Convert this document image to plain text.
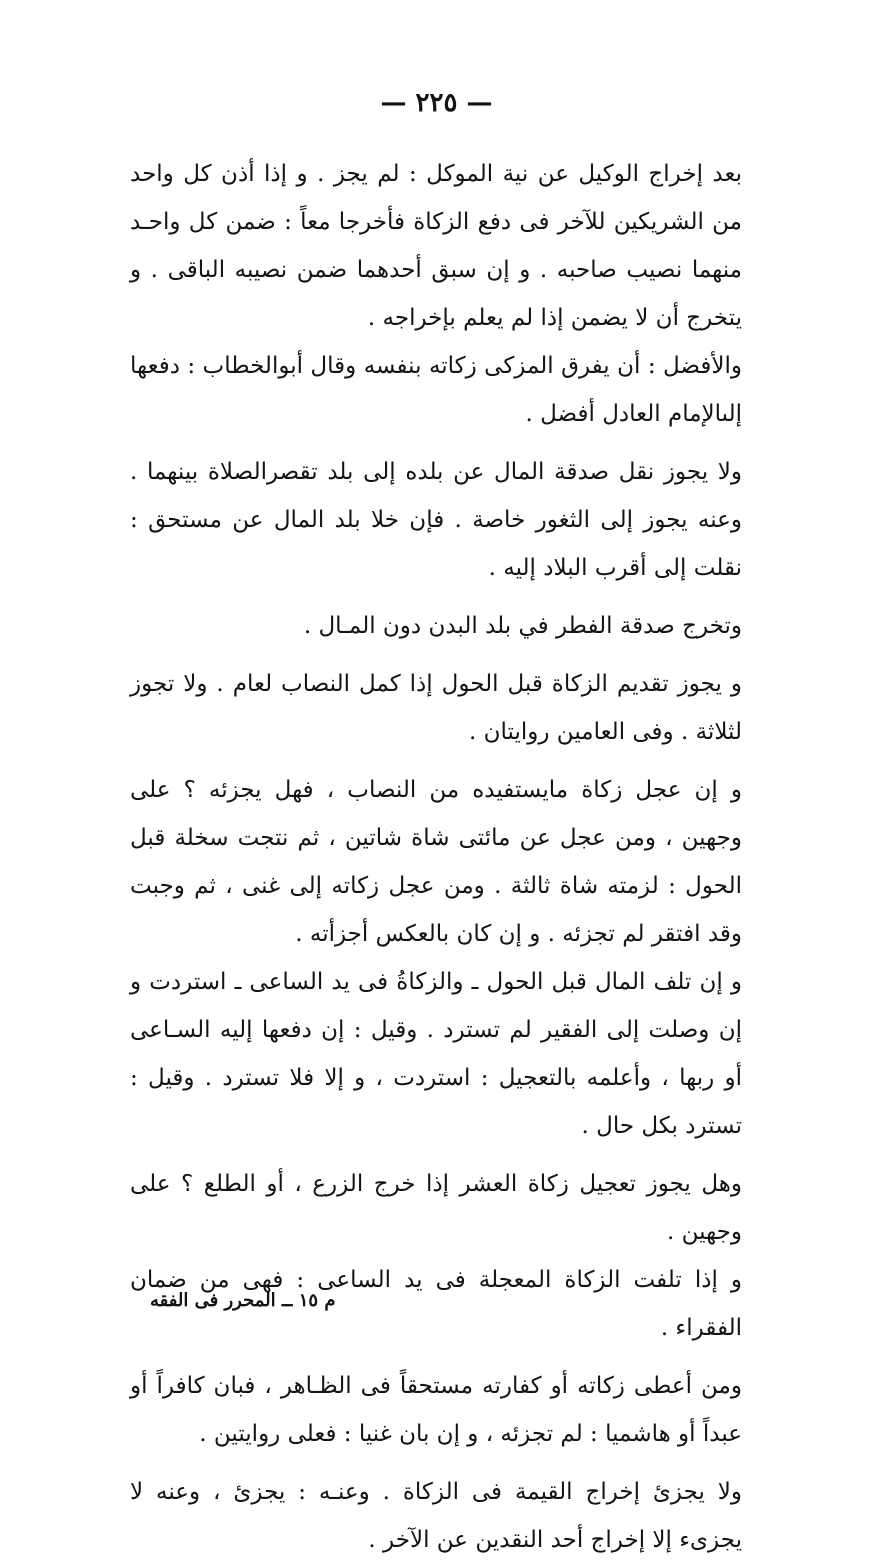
— ٢٢٥ —

بعد إخراج الوكيل عن نية الموكل : لم يجز . و إذا أذن كل واحد من الشريكين للآخر فى دفع الزكاة فأخرجا معاً : ضمن كل واحـد منهما نصيب صاحبه . و إن سبق أحدهما ضمن نصيبه الباقى . و يتخرج أن لا يضمن إذا لم يعلم بإخراجه .

والأفضل : أن يفرق المزكى زكاته بنفسه وقال أبوالخطاب : دفعها إلىالإمام العادل أفضل .

ولا يجوز نقل صدقة المال عن بلده إلى بلد تقصرالصلاة بينهما . وعنه يجوز إلى الثغور خاصة . فإن خلا بلد المال عن مستحق : نقلت إلى أقرب البلاد إليه .

وتخرج صدقة الفطر في بلد البدن دون المـال .

و يجوز تقديم الزكاة قبل الحول إذا كمل النصاب لعام . ولا تجوز لثلاثة . وفى العامين روايتان .

و إن عجل زكاة مايستفيده من النصاب ، فهل يجزئه ؟ على وجهين ، ومن عجل عن مائتى شاة شاتين ، ثم نتجت سخلة قبل الحول : لزمته شاة ثالثة . ومن عجل زكاته إلى غنى ، ثم وجبت وقد افتقر لم تجزئه . و إن كان بالعكس أجزأته .

و إن تلف المال قبل الحول ـ والزكاةُ فى يد الساعى ـ استردت و إن وصلت إلى الفقير لم تسترد . وقيل : إن دفعها إليه السـاعى أو ربها ، وأعلمه بالتعجيل : استردت ، و إلا فلا تسترد . وقيل : تسترد بكل حال .

وهل يجوز تعجيل زكاة العشر إذا خرج الزرع ، أو الطلع ؟ على وجهين .

و إذا تلفت الزكاة المعجلة فى يد الساعى : فهى من ضمان الفقراء .

ومن أعطى زكاته أو كفارته مستحقاً فى الظـاهر ، فبان كافراً أو عبداً أو هاشميا : لم تجزئه ، و إن بان غنيا : فعلى روايتين .

ولا يجزئ إخراج القيمة فى الزكاة . وعنـه : يجزئ ، وعنه لا يجزىء إلا إخراج أحد النقدين عن الآخر .

م ١٥ ــ المحرر فى الفقه
